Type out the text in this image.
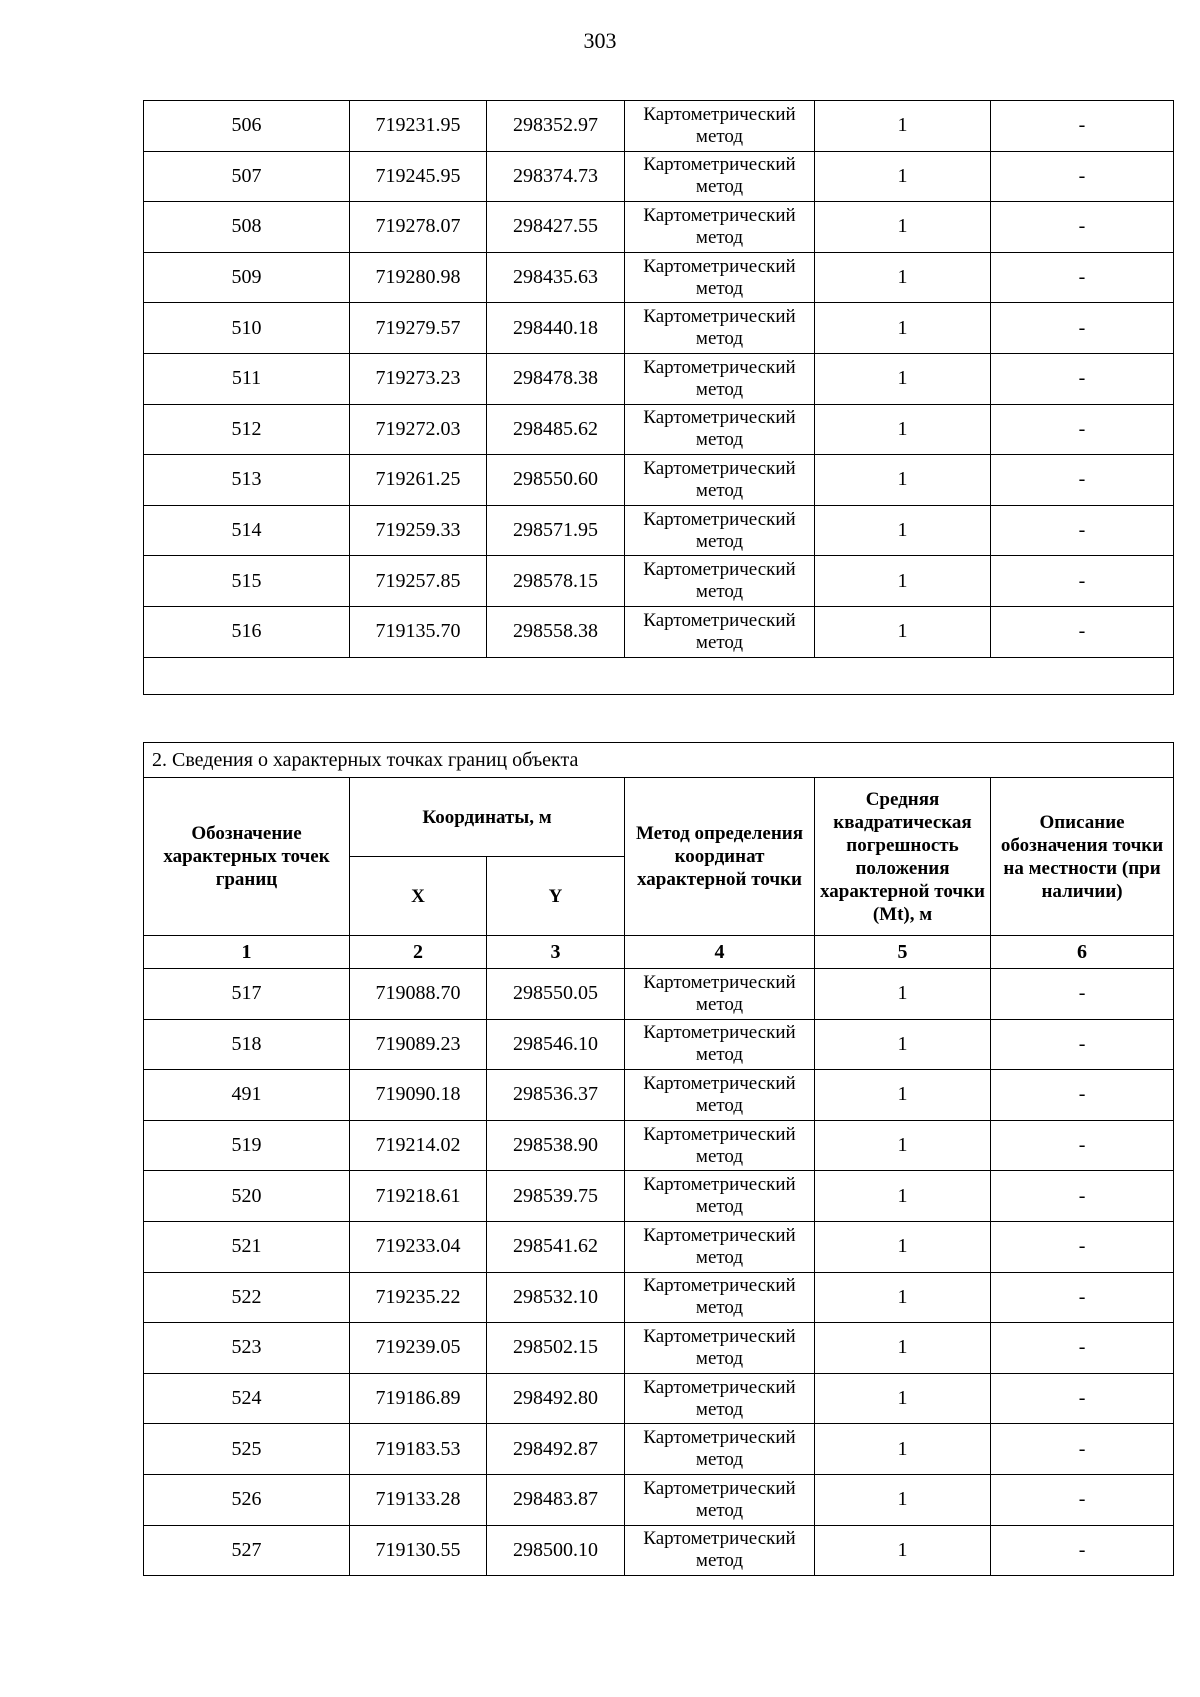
303
506	719231.95	298352.97	Картометрический метод	1	-
507	719245.95	298374.73	Картометрический метод	1	-
508	719278.07	298427.55	Картометрический метод	1	-
509	719280.98	298435.63	Картометрический метод	1	-
510	719279.57	298440.18	Картометрический метод	1	-
511	719273.23	298478.38	Картометрический метод	1	-
512	719272.03	298485.62	Картометрический метод	1	-
513	719261.25	298550.60	Картометрический метод	1	-
514	719259.33	298571.95	Картометрический метод	1	-
515	719257.85	298578.15	Картометрический метод	1	-
516	719135.70	298558.38	Картометрический метод	1	-

2. Сведения о характерных точках границ объекта					
Обозначение характерных точек границ	Координаты, м		Метод определения координат характерной точки	Средняя квадратическая погрешность положения характерной точки (Mt), м	Описание обозначения точки на местности (при наличии)
	X	Y			
1	2	3	4	5	6
517	719088.70	298550.05	Картометрический метод	1	-
518	719089.23	298546.10	Картометрический метод	1	-
491	719090.18	298536.37	Картометрический метод	1	-
519	719214.02	298538.90	Картометрический метод	1	-
520	719218.61	298539.75	Картометрический метод	1	-
521	719233.04	298541.62	Картометрический метод	1	-
522	719235.22	298532.10	Картометрический метод	1	-
523	719239.05	298502.15	Картометрический метод	1	-
524	719186.89	298492.80	Картометрический метод	1	-
525	719183.53	298492.87	Картометрический метод	1	-
526	719133.28	298483.87	Картометрический метод	1	-
527	719130.55	298500.10	Картометрический метод	1	-
